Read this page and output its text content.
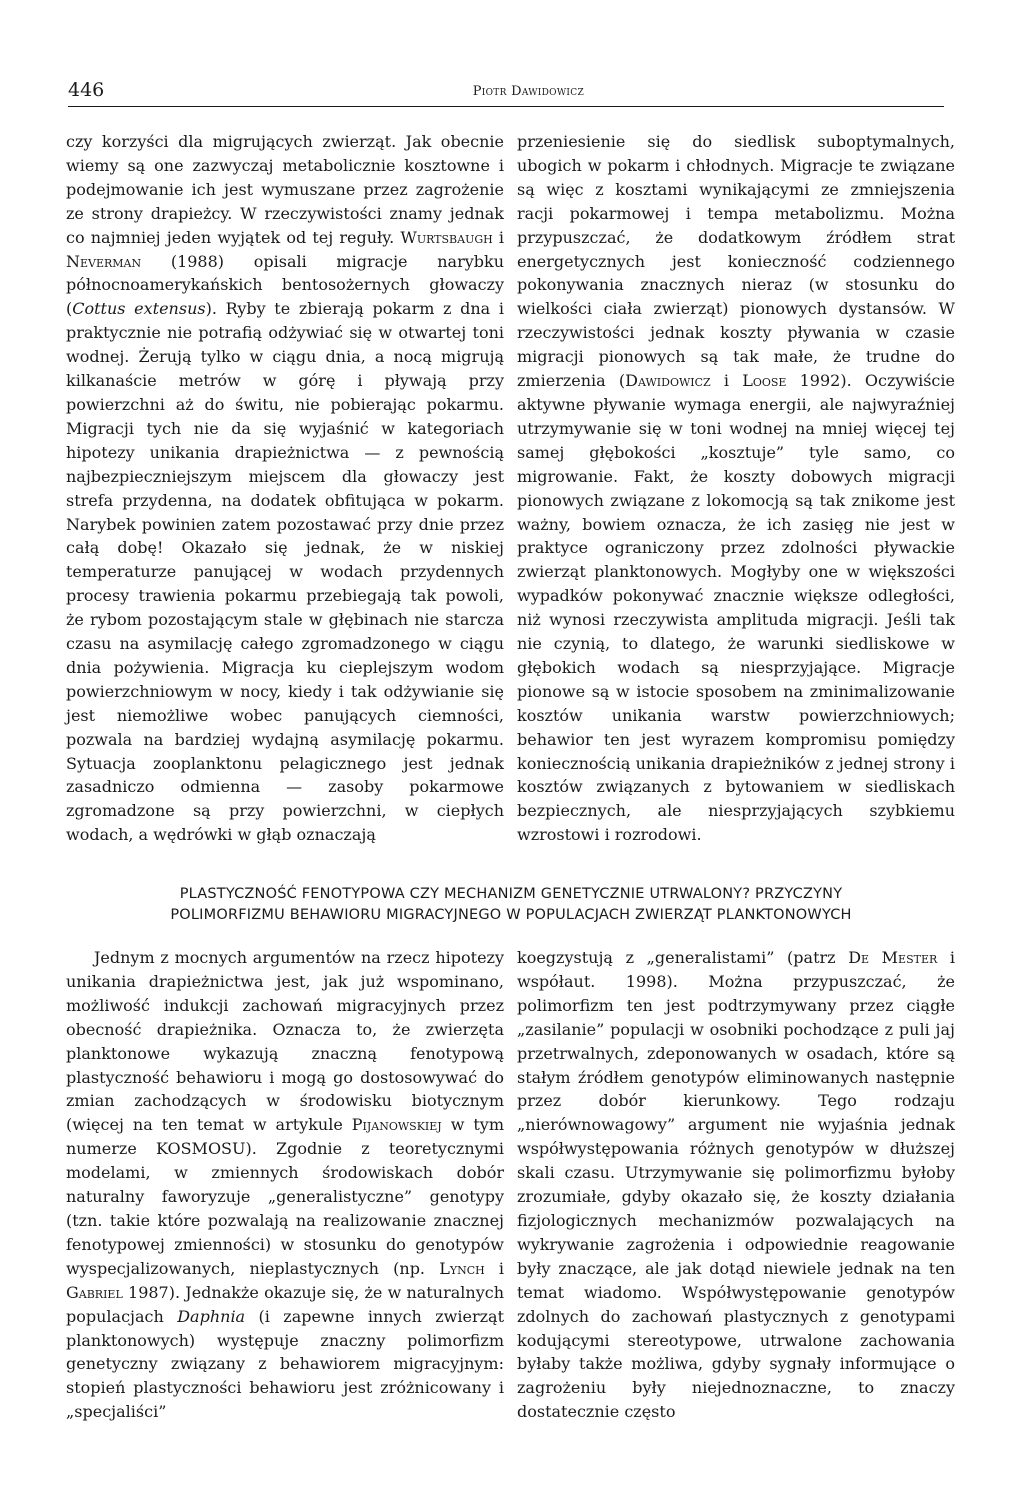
446	Piotr Dawidowicz

czy korzyści dla migrujących zwierząt. Jak obecnie wiemy są one zazwyczaj metabolicznie kosztowne i podejmowanie ich jest wymuszane przez zagrożenie ze strony drapieżcy. W rzeczywistości znamy jednak co najmniej jeden wyjątek od tej reguły. Wurtsbaugh i Neverman (1988) opisali migracje narybku północnoamerykańskich bentosożernych głowaczy (Cottus extensus). Ryby te zbierają pokarm z dna i praktycznie nie potrafią odżywiać się w otwartej toni wodnej. Żerują tylko w ciągu dnia, a nocą migrują kilkanaście metrów w górę i pływają przy powierzchni aż do świtu, nie pobierając pokarmu. Migracji tych nie da się wyjaśnić w kategoriach hipotezy unikania drapieżnictwa — z pewnością najbezpieczniejszym miejscem dla głowaczy jest strefa przydenna, na dodatek obfitująca w pokarm. Narybek powinien zatem pozostawać przy dnie przez całą dobę! Okazało się jednak, że w niskiej temperaturze panującej w wodach przydennych procesy trawienia pokarmu przebiegają tak powoli, że rybom pozostającym stale w głębinach nie starcza czasu na asymilację całego zgromadzonego w ciągu dnia pożywienia. Migracja ku cieplejszym wodom powierzchniowym w nocy, kiedy i tak odżywianie się jest niemożliwe wobec panujących ciemności, pozwala na bardziej wydajną asymilację pokarmu. Sytuacja zooplanktonu pelagicznego jest jednak zasadniczo odmienna — zasoby pokarmowe zgromadzone są przy powierzchni, w ciepłych wodach, a wędrówki w głąb oznaczają

przeniesienie się do siedlisk suboptymalnych, ubogich w pokarm i chłodnych. Migracje te związane są więc z kosztami wynikającymi ze zmniejszenia racji pokarmowej i tempa metabolizmu. Można przypuszczać, że dodatkowym źródłem strat energetycznych jest konieczność codziennego pokonywania znacznych nieraz (w stosunku do wielkości ciała zwierząt) pionowych dystansów. W rzeczywistości jednak koszty pływania w czasie migracji pionowych są tak małe, że trudne do zmierzenia (Dawidowicz i Loose 1992). Oczywiście aktywne pływanie wymaga energii, ale najwyraźniej utrzymywanie się w toni wodnej na mniej więcej tej samej głębokości „kosztuje” tyle samo, co migrowanie. Fakt, że koszty dobowych migracji pionowych związane z lokomocją są tak znikome jest ważny, bowiem oznacza, że ich zasięg nie jest w praktyce ograniczony przez zdolności pływackie zwierząt planktonowych. Mogłyby one w większości wypadków pokonywać znacznie większe odległości, niż wynosi rzeczywista amplituda migracji. Jeśli tak nie czynią, to dlatego, że warunki siedliskowe w głębokich wodach są niesprzyjające. Migracje pionowe są w istocie sposobem na zminimalizowanie kosztów unikania warstw powierzchniowych; behawior ten jest wyrazem kompromisu pomiędzy koniecznością unikania drapieżników z jednej strony i kosztów związanych z bytowaniem w siedliskach bezpiecznych, ale niesprzyjających szybkiemu wzrostowi i rozrodowi.

PLASTYCZNOŚĆ FENOTYPOWA CZY MECHANIZM GENETYCZNIE UTRWALONY? PRZYCZYNY
POLIMORFIZMU BEHAWIORU MIGRACYJNEGO W POPULACJACH ZWIERZĄT PLANKTONOWYCH

Jednym z mocnych argumentów na rzecz hipotezy unikania drapieżnictwa jest, jak już wspominano, możliwość indukcji zachowań migracyjnych przez obecność drapieżnika. Oznacza to, że zwierzęta planktonowe wykazują znaczną fenotypową plastyczność behawioru i mogą go dostosowywać do zmian zachodzących w środowisku biotycznym (więcej na ten temat w artykule Pijanowskiej w tym numerze KOSMOSU). Zgodnie z teoretycznymi modelami, w zmiennych środowiskach dobór naturalny faworyzuje „generalistyczne” genotypy (tzn. takie które pozwalają na realizowanie znacznej fenotypowej zmienności) w stosunku do genotypów wyspecjalizowanych, nieplastycznych (np. Lynch i Gabriel 1987). Jednakże okazuje się, że w naturalnych populacjach Daphnia (i zapewne innych zwierząt planktonowych) występuje znaczny polimorfizm genetyczny związany z behawiorem migracyjnym: stopień plastyczności behawioru jest zróżnicowany i „specjaliści”

koegzystują z „generalistami” (patrz De Mester i współaut. 1998). Można przypuszczać, że polimorfizm ten jest podtrzymywany przez ciągłe „zasilanie” populacji w osobniki pochodzące z puli jaj przetrwalnych, zdeponowanych w osadach, które są stałym źródłem genotypów eliminowanych następnie przez dobór kierunkowy. Tego rodzaju „nierównowagowy” argument nie wyjaśnia jednak współwystępowania różnych genotypów w dłuższej skali czasu. Utrzymywanie się polimorfizmu byłoby zrozumiałe, gdyby okazało się, że koszty działania fizjologicznych mechanizmów pozwalających na wykrywanie zagrożenia i odpowiednie reagowanie były znaczące, ale jak dotąd niewiele jednak na ten temat wiadomo. Współwystępowanie genotypów zdolnych do zachowań plastycznych z genotypami kodującymi stereotypowe, utrwalone zachowania byłaby także możliwa, gdyby sygnały informujące o zagrożeniu były niejednoznaczne, to znaczy dostatecznie często
